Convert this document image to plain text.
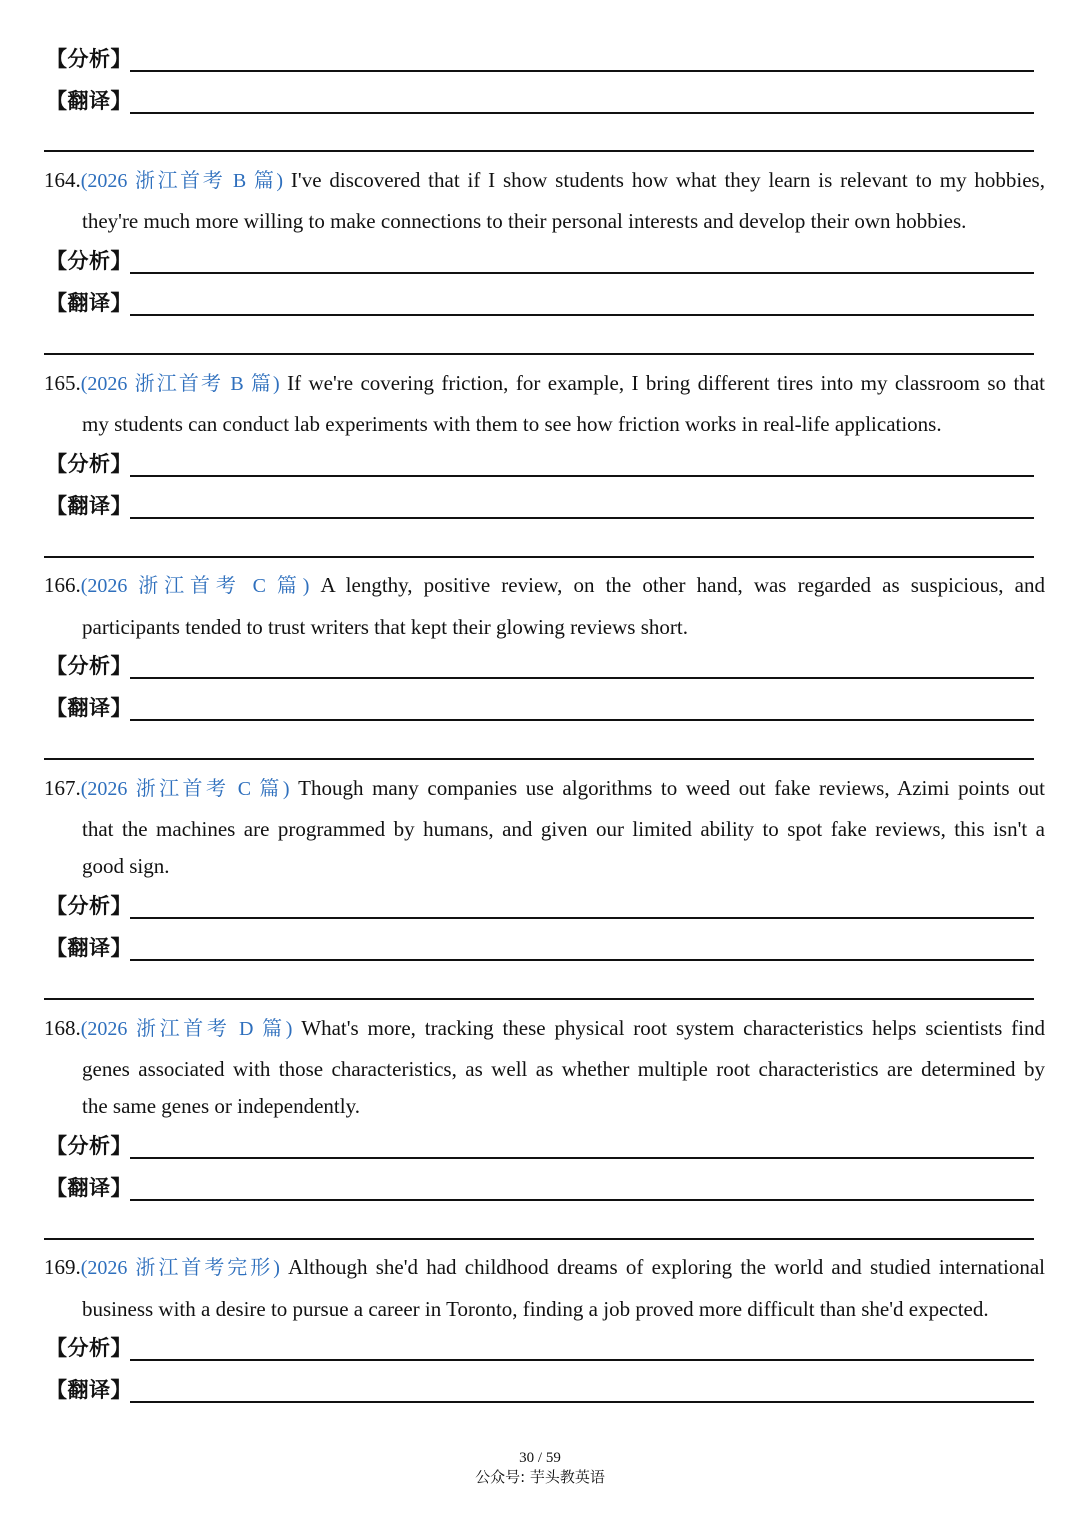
【分析】
【翻译】
164.(2026 浙江首考 B 篇) I've discovered that if I show students how what they learn is relevant to my hobbies,
they're much more willing to make connections to their personal interests and develop their own hobbies.
【分析】
【翻译】
165.(2026 浙江首考 B 篇) If we're covering friction, for example, I bring different tires into my classroom so that
my students can conduct lab experiments with them to see how friction works in real-life applications.
【分析】
【翻译】
166.(2026 浙江首考 C 篇) A lengthy, positive review, on the other hand, was regarded as suspicious, and
participants tended to trust writers that kept their glowing reviews short.
【分析】
【翻译】
167.(2026 浙江首考 C 篇) Though many companies use algorithms to weed out fake reviews, Azimi points out
that the machines are programmed by humans, and given our limited ability to spot fake reviews, this isn't a
good sign.
【分析】
【翻译】
168.(2026 浙江首考 D 篇) What's more, tracking these physical root system characteristics helps scientists find
genes associated with those characteristics, as well as whether multiple root characteristics are determined by
the same genes or independently.
【分析】
【翻译】
169.(2026 浙江首考完形) Although she'd had childhood dreams of exploring the world and studied international
business with a desire to pursue a career in Toronto, finding a job proved more difficult than she'd expected.
【分析】
【翻译】
30 / 59
公众号: 芋头教英语
